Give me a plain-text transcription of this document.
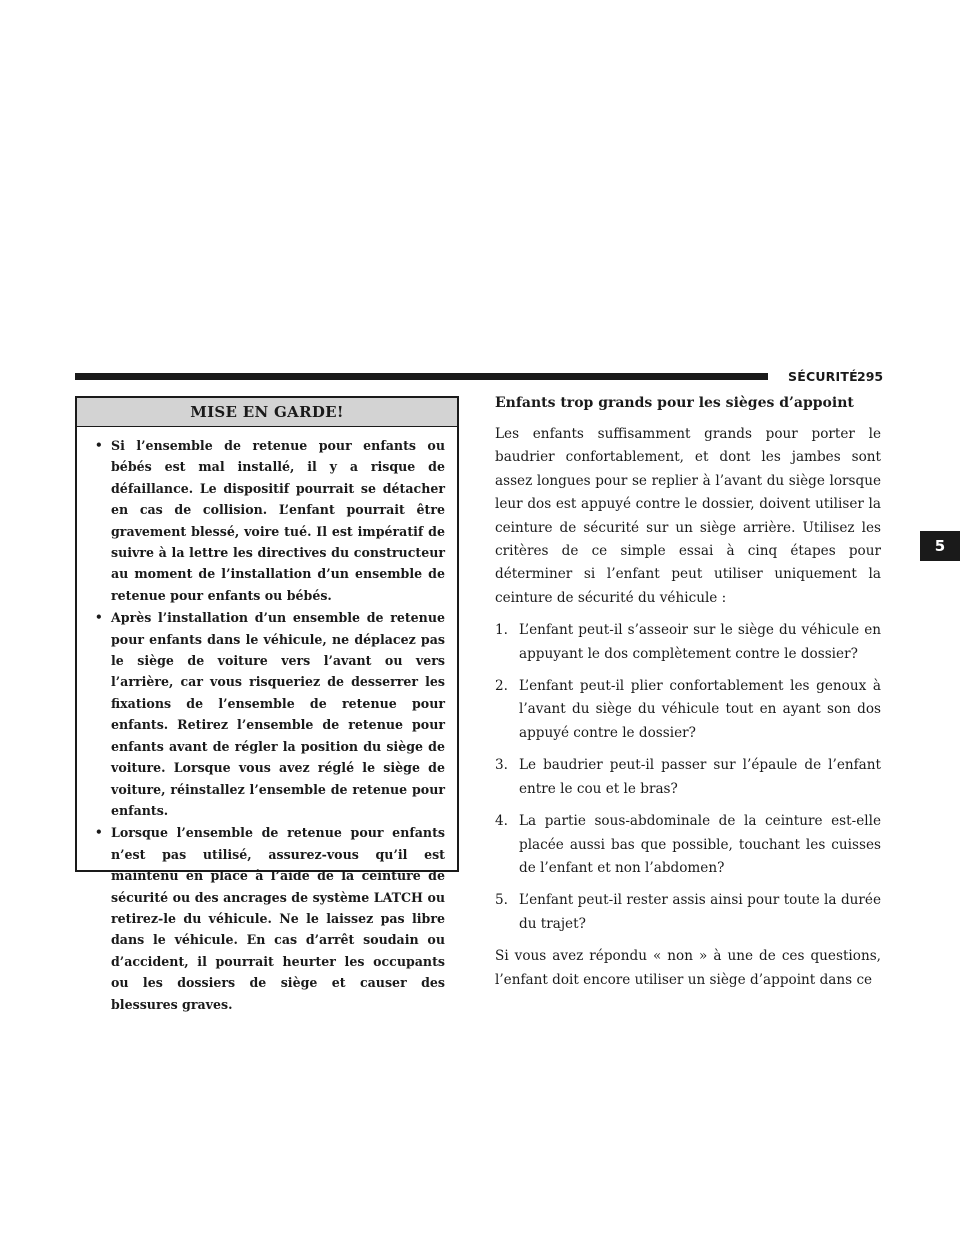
SÉCURITÉ 295
5
MISE EN GARDE!
• Si l’ensemble de retenue pour enfants ou bébés est mal installé, il y a risque de défaillance. Le dispositif pourrait se détacher en cas de collision. L’enfant pourrait être gravement blessé, voire tué. Il est impératif de suivre à la lettre les directives du constructeur au moment de l’installation d’un ensemble de retenue pour enfants ou bébés.
• Après l’installation d’un ensemble de retenue pour enfants dans le véhicule, ne déplacez pas le siège de voiture vers l’avant ou vers l’arrière, car vous risqueriez de desserrer les fixations de l’ensemble de retenue pour enfants. Retirez l’ensemble de retenue pour enfants avant de régler la position du siège de voiture. Lorsque vous avez réglé le siège de voiture, réinstallez l’ensemble de retenue pour enfants.
• Lorsque l’ensemble de retenue pour enfants n’est pas utilisé, assurez-vous qu’il est maintenu en place à l’aide de la ceinture de sécurité ou des ancrages de système LATCH ou retirez-le du véhicule. Ne le laissez pas libre dans le véhicule. En cas d’arrêt soudain ou d’accident, il pourrait heurter les occupants ou les dossiers de siège et causer des blessures graves.
Enfants trop grands pour les sièges d’appoint

Les enfants suffisamment grands pour porter le baudrier confortablement, et dont les jambes sont assez longues pour se replier à l’avant du siège lorsque leur dos est appuyé contre le dossier, doivent utiliser la ceinture de sécurité sur un siège arrière. Utilisez les critères de ce simple essai à cinq étapes pour déterminer si l’enfant peut utiliser uniquement la ceinture de sécurité du véhicule :

1. L’enfant peut-il s’asseoir sur le siège du véhicule en appuyant le dos complètement contre le dossier?
2. L’enfant peut-il plier confortablement les genoux à l’avant du siège du véhicule tout en ayant son dos appuyé contre le dossier?
3. Le baudrier peut-il passer sur l’épaule de l’enfant entre le cou et le bras?
4. La partie sous-abdominale de la ceinture est-elle placée aussi bas que possible, touchant les cuisses de l’enfant et non l’abdomen?
5. L’enfant peut-il rester assis ainsi pour toute la durée du trajet?

Si vous avez répondu « non » à une de ces questions, l’enfant doit encore utiliser un siège d’appoint dans ce
